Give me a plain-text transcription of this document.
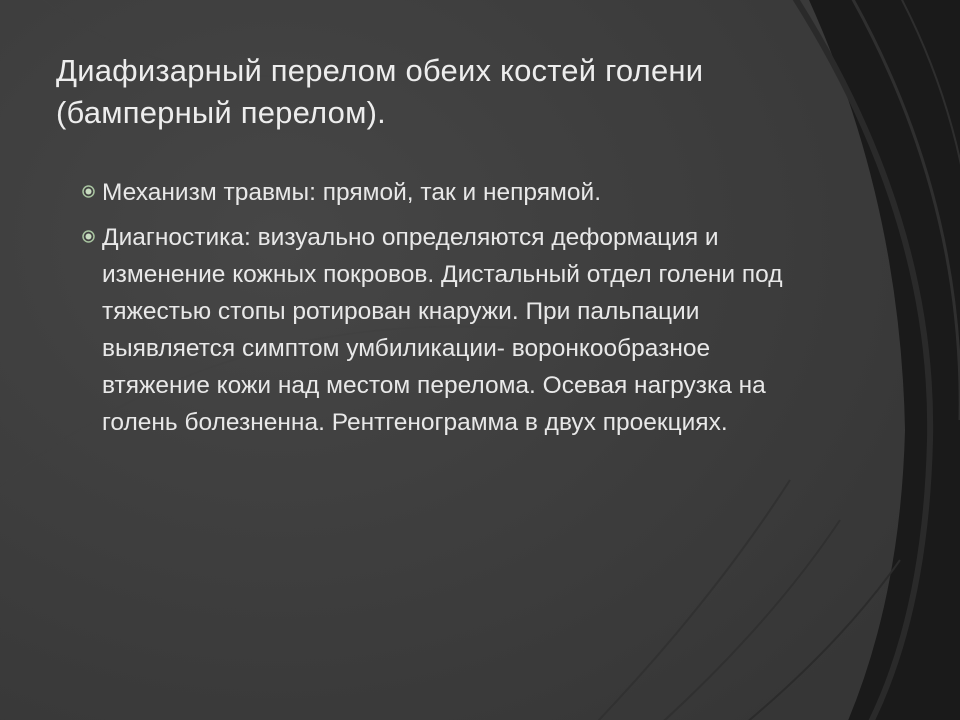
Диафизарный перелом обеих костей голени (бамперный перелом).
Механизм травмы: прямой, так и непрямой.
Диагностика: визуально определяются деформация и изменение кожных покровов. Дистальный отдел голени под тяжестью стопы ротирован кнаружи. При пальпации выявляется симптом умбиликации- воронкообразное втяжение кожи над местом перелома. Осевая нагрузка на голень болезненна. Рентгенограмма в двух проекциях.
